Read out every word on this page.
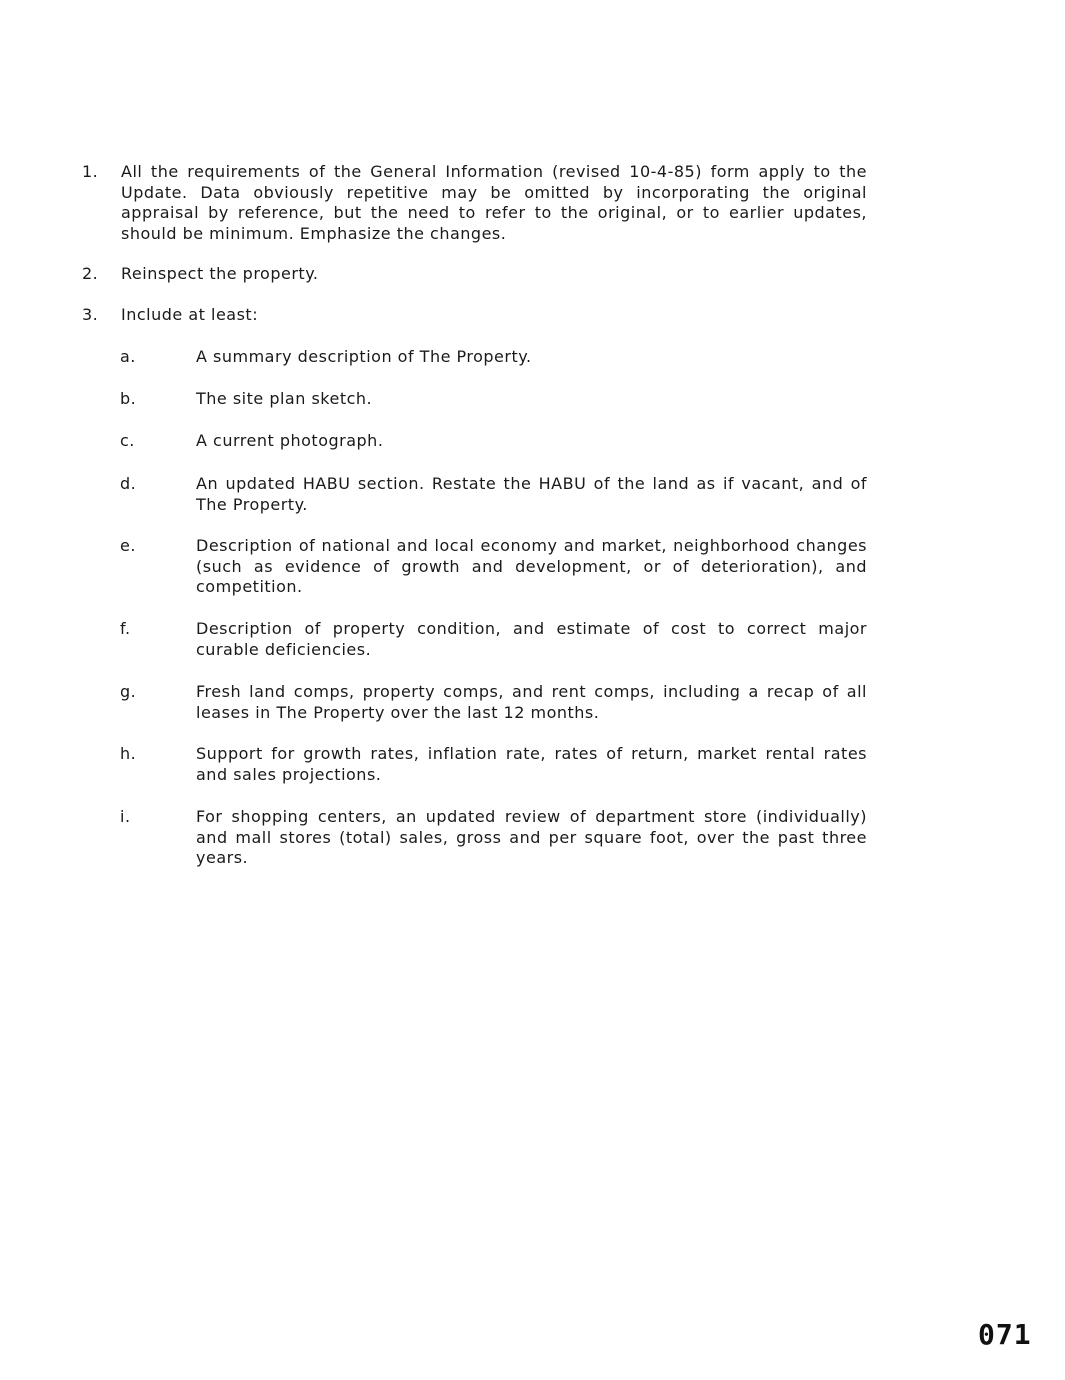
1.	All the requirements of the General Information (revised 10-4-85) form apply to the Update. Data obviously repetitive may be omitted by incorporating the original appraisal by reference, but the need to refer to the original, or to earlier updates, should be minimum. Emphasize the changes.
2.	Reinspect the property.
3.	Include at least:
a.	A summary description of The Property.
b.	The site plan sketch.
c.	A current photograph.
d.	An updated HABU section. Restate the HABU of the land as if vacant, and of The Property.
e.	Description of national and local economy and market, neighborhood changes (such as evidence of growth and development, or of deterioration), and competition.
f.	Description of property condition, and estimate of cost to correct major curable deficiencies.
g.	Fresh land comps, property comps, and rent comps, including a recap of all leases in The Property over the last 12 months.
h.	Support for growth rates, inflation rate, rates of return, market rental rates and sales projections.
i.	For shopping centers, an updated review of department store (individually) and mall stores (total) sales, gross and per square foot, over the past three years.
071
